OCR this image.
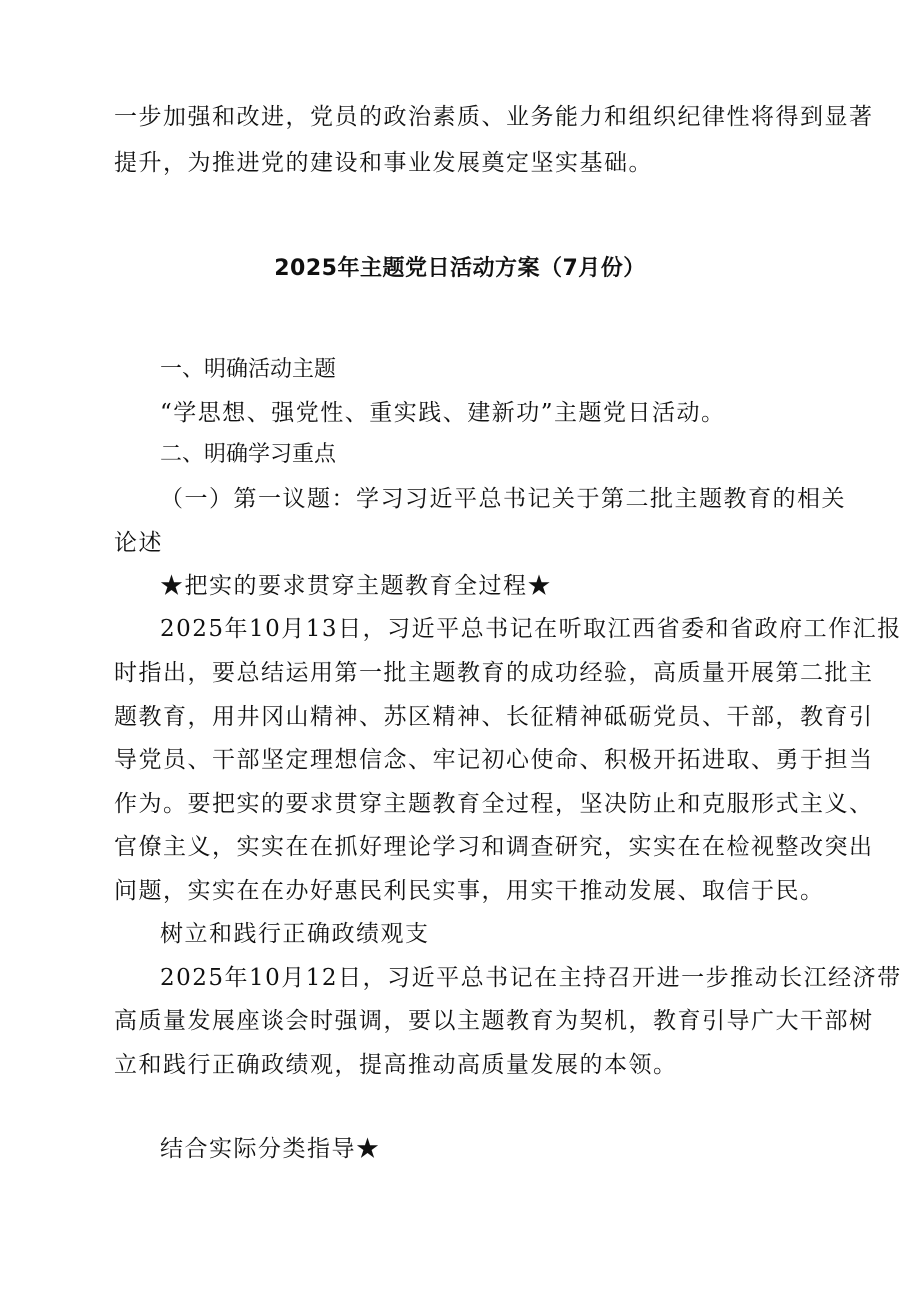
一步加强和改进，党员的政治素质、业务能力和组织纪律性将得到显著
提升，为推进党的建设和事业发展奠定坚实基础。
2025年主题党日活动方案（7月份）
一、明确活动主题
“学思想、强党性、重实践、建新功”主题党日活动。
二、明确学习重点
（一）第一议题：学习习近平总书记关于第二批主题教育的相关
论述
★把实的要求贯穿主题教育全过程★
2025年10月13日，习近平总书记在听取江西省委和省政府工作汇报
时指出，要总结运用第一批主题教育的成功经验，高质量开展第二批主
题教育，用井冈山精神、苏区精神、长征精神砥砺党员、干部，教育引
导党员、干部坚定理想信念、牢记初心使命、积极开拓进取、勇于担当
作为。要把实的要求贯穿主题教育全过程，坚决防止和克服形式主义、
官僚主义，实实在在抓好理论学习和调查研究，实实在在检视整改突出
问题，实实在在办好惠民利民实事，用实干推动发展、取信于民。
树立和践行正确政绩观支
2025年10月12日，习近平总书记在主持召开进一步推动长江经济带
高质量发展座谈会时强调，要以主题教育为契机，教育引导广大干部树
立和践行正确政绩观，提高推动高质量发展的本领。
结合实际分类指导★
